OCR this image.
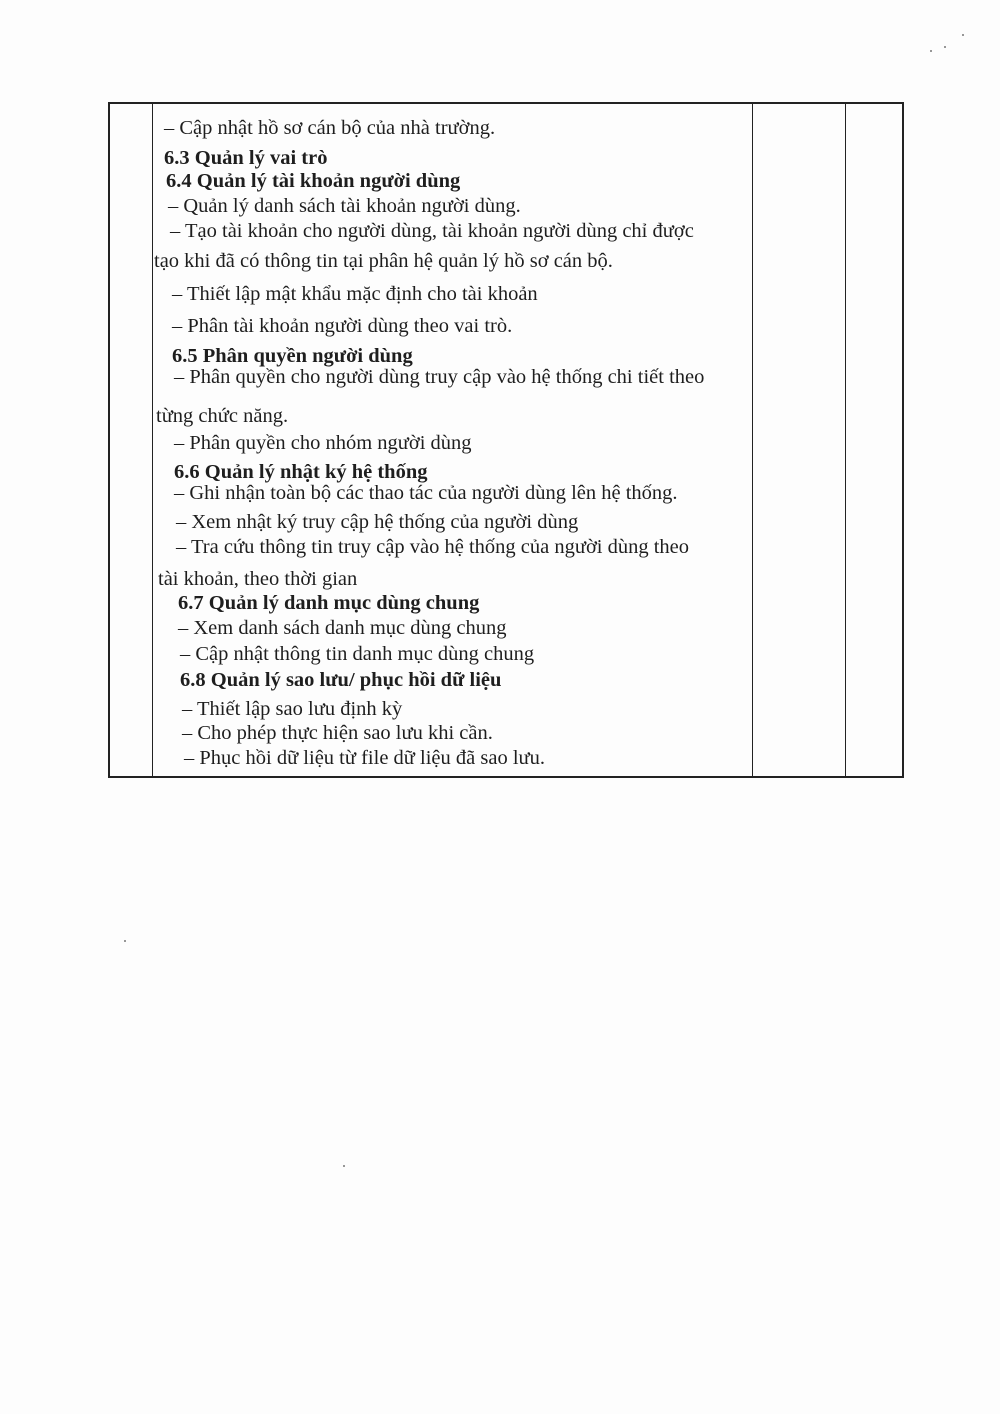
– Cập nhật hồ sơ cán bộ của nhà trường.
6.3 Quản lý vai trò
6.4 Quản lý tài khoản người dùng
– Quản lý danh sách tài khoản người dùng.
– Tạo tài khoản cho người dùng, tài khoản người dùng chỉ được
tạo khi đã có thông tin tại phân hệ quản lý hồ sơ cán bộ.
– Thiết lập mật khẩu mặc định cho tài khoản
– Phân tài khoản người dùng theo vai trò.
6.5 Phân quyền người dùng
– Phân quyền cho người dùng truy cập vào hệ thống chi tiết theo
từng chức năng.
– Phân quyền cho nhóm người dùng
6.6 Quản lý nhật ký hệ thống
– Ghi nhận toàn bộ các thao tác của người dùng lên hệ thống.
– Xem nhật ký truy cập hệ thống của người dùng
– Tra cứu thông tin truy cập vào hệ thống của người dùng theo
tài khoản, theo thời gian
6.7 Quản lý danh mục dùng chung
– Xem danh sách danh mục dùng chung
– Cập nhật thông tin danh mục dùng chung
6.8 Quản lý sao lưu/ phục hồi dữ liệu
– Thiết lập sao lưu định kỳ
– Cho phép thực hiện sao lưu khi cần.
– Phục hồi dữ liệu từ file dữ liệu đã sao lưu.
